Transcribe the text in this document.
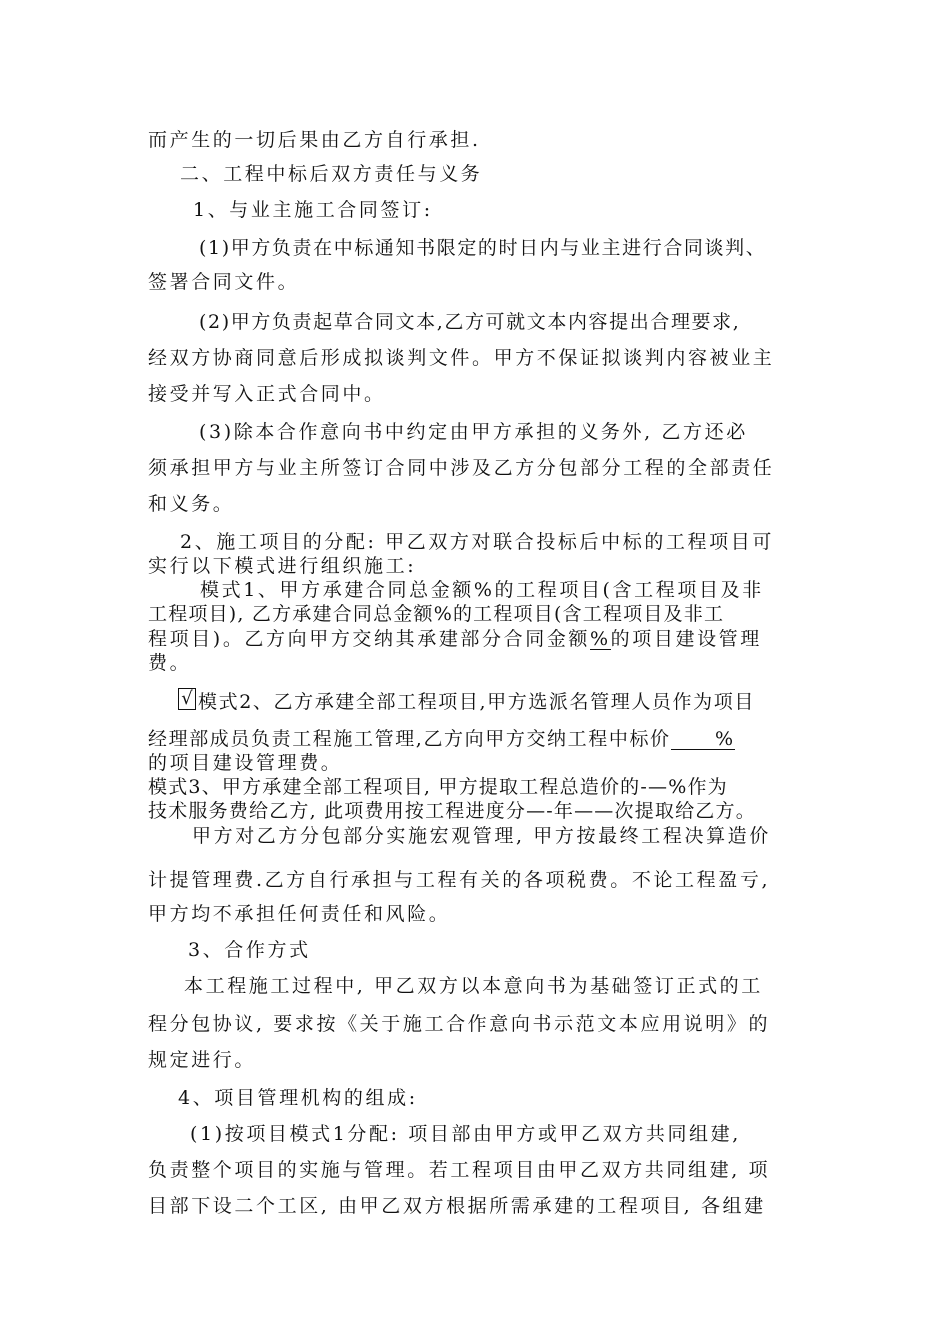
而产生的一切后果由乙方自行承担.
二、工程中标后双方责任与义务
1、与业主施工合同签订:
(1)甲方负责在中标通知书限定的时日内与业主进行合同谈判、
签署合同文件。
(2)甲方负责起草合同文本,乙方可就文本内容提出合理要求,
经双方协商同意后形成拟谈判文件。甲方不保证拟谈判内容被业主
接受并写入正式合同中。
(3)除本合作意向书中约定由甲方承担的义务外, 乙方还必
须承担甲方与业主所签订合同中涉及乙方分包部分工程的全部责任
和义务。
2、施工项目的分配: 甲乙双方对联合投标后中标的工程项目可
实行以下模式进行组织施工:
模式1、甲方承建合同总金额%的工程项目(含工程项目及非
工程项目), 乙方承建合同总金额%的工程项目(含工程项目及非工
程项目)。乙方向甲方交纳其承建部分合同金额%的项目建设管理
费。
√ 模式2、乙方承建全部工程项目,甲方选派名管理人员作为项目
经理部成员负责工程施工管理,乙方向甲方交纳工程中标价 %
的项目建设管理费。
模式3、甲方承建全部工程项目, 甲方提取工程总造价的-—%作为
技术服务费给乙方, 此项费用按工程进度分—-年——次提取给乙方。
甲方对乙方分包部分实施宏观管理, 甲方按最终工程决算造价
计提管理费.乙方自行承担与工程有关的各项税费。不论工程盈亏,
甲方均不承担任何责任和风险。
3、合作方式
本工程施工过程中, 甲乙双方以本意向书为基础签订正式的工
程分包协议, 要求按《关于施工合作意向书示范文本应用说明》的
规定进行。
4、项目管理机构的组成:
(1)按项目模式1分配: 项目部由甲方或甲乙双方共同组建,
负责整个项目的实施与管理。若工程项目由甲乙双方共同组建, 项
目部下设二个工区, 由甲乙双方根据所需承建的工程项目, 各组建
